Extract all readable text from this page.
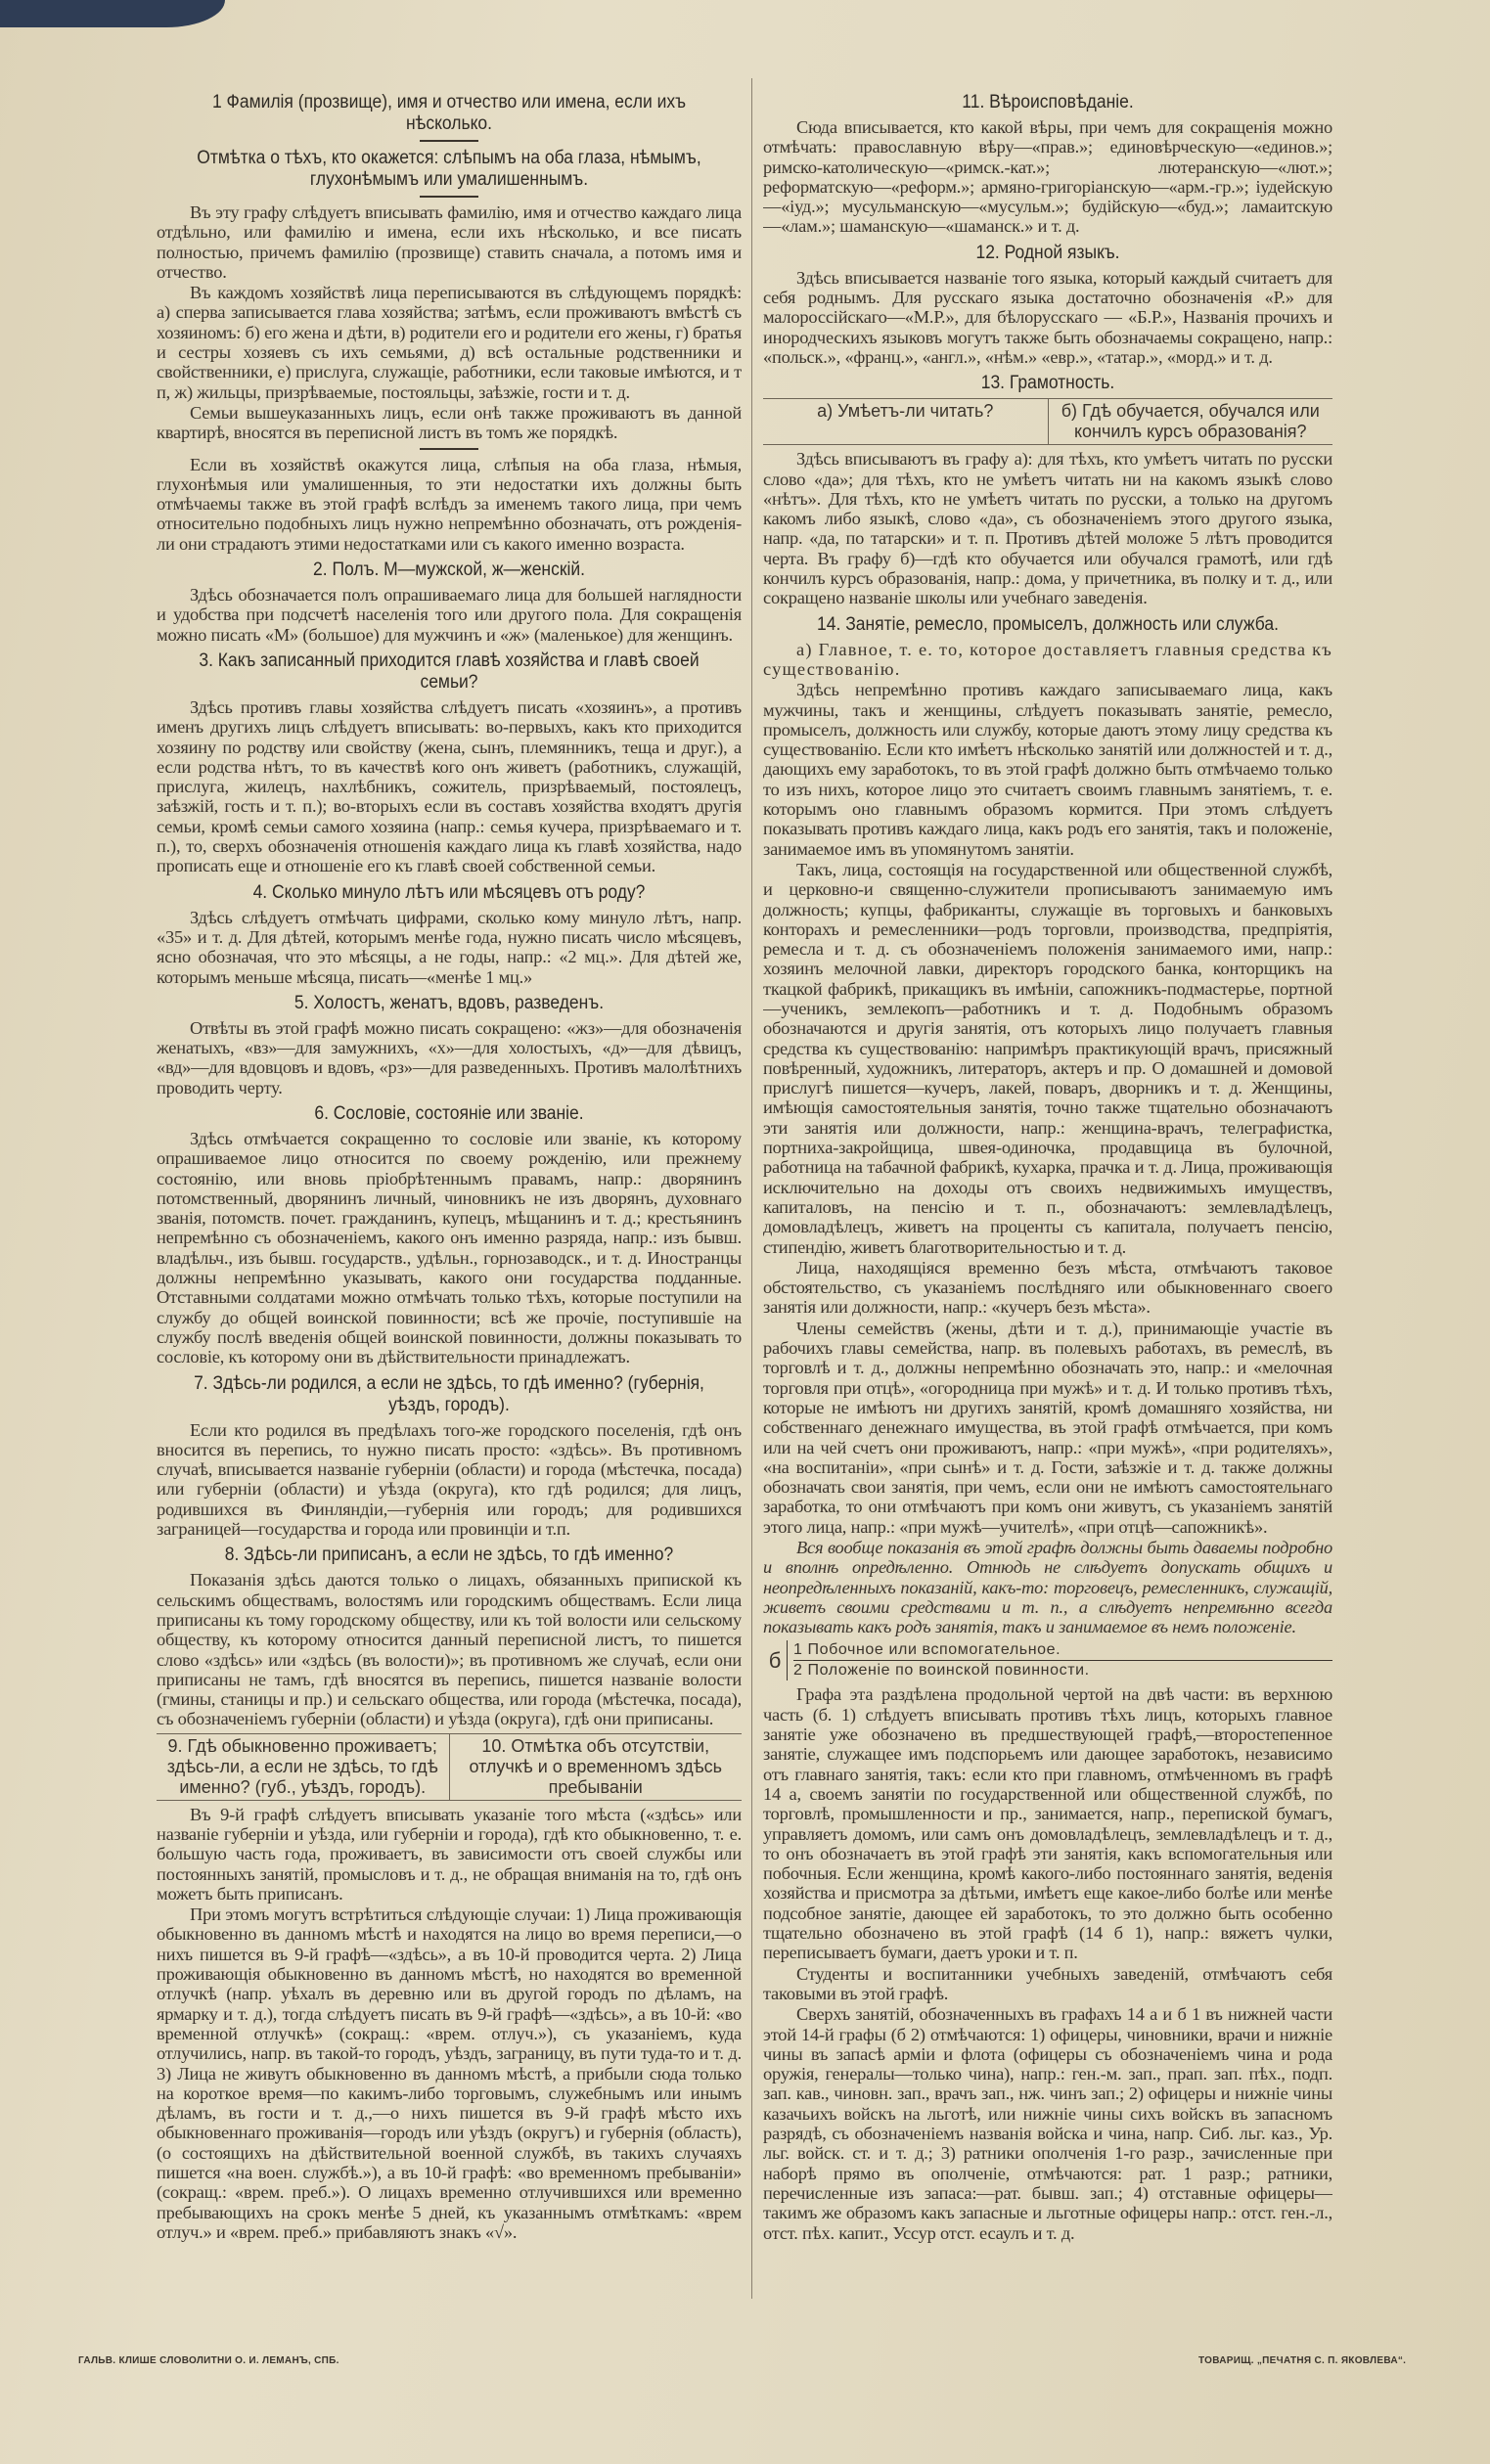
1 Фамилія (прозвище), имя и отчество или имена, если ихъ нѣсколько.
Отмѣтка о тѣхъ, кто окажется: слѣпымъ на оба глаза, нѣмымъ, глухонѣмымъ или умалишеннымъ.

Въ эту графу слѣдуетъ вписывать фамилію, имя и отчество каждаго лица отдѣльно, или фамилію и имена, если ихъ нѣсколько, и все писать полностью, причемъ фамилію (прозвище) ставить сначала, а потомъ имя и отчество.

Въ каждомъ хозяйствѣ лица переписываются въ слѣдующемъ порядкѣ: а) сперва записывается глава хозяйства; затѣмъ, если проживаютъ вмѣстѣ съ хозяиномъ: б) его жена и дѣти, в) родители его и родители его жены, г) братья и сестры хозяевъ съ ихъ семьями, д) всѣ остальные родственники и свойственники, е) прислуга, служащіе, работники, если таковые имѣются, и т п, ж) жильцы, призрѣваемые, постояльцы, заѣзжіе, гости и т. д.

Семьи вышеуказанныхъ лицъ, если онѣ также проживаютъ въ данной квартирѣ, вносятся въ переписной листъ въ томъ же порядкѣ.

Если въ хозяйствѣ окажутся лица, слѣпыя на оба глаза, нѣмыя, глухонѣмыя или умалишенныя, то эти недостатки ихъ должны быть отмѣчаемы также въ этой графѣ вслѣдъ за именемъ такого лица, при чемъ относительно подобныхъ лицъ нужно непремѣнно обозначать, отъ рожденія-ли они страдаютъ этими недостатками или съ какого именно возраста.

2. Полъ. М—мужской, ж—женскій.

Здѣсь обозначается полъ опрашиваемаго лица для большей наглядности и удобства при подсчетѣ населенія того или другого пола. Для сокращенія можно писать «М» (большое) для мужчинъ и «ж» (маленькое) для женщинъ.

3. Какъ записанный приходится главѣ хозяйства и главѣ своей семьи?

Здѣсь противъ главы хозяйства слѣдуетъ писать «хозяинъ», а противъ именъ другихъ лицъ слѣдуетъ вписывать: во-первыхъ, какъ кто приходится хозяину по родству или свойству (жена, сынъ, племянникъ, теща и друг.), а если родства нѣтъ, то въ качествѣ кого онъ живетъ (работникъ, служащій, прислуга, жилецъ, нахлѣбникъ, сожитель, призрѣваемый, постоялецъ, заѣзжій, гость и т. п.); во-вторыхъ если въ составъ хозяйства входятъ другія семьи, кромѣ семьи самого хозяина (напр.: семья кучера, призрѣваемаго и т. п.), то, сверхъ обозначенія отношенія каждаго лица къ главѣ хозяйства, надо прописать еще и отношеніе его къ главѣ своей собственной семьи.

4. Сколько минуло лѣтъ или мѣсяцевъ отъ роду?

Здѣсь слѣдуетъ отмѣчать цифрами, сколько кому минуло лѣтъ, напр. «35» и т. д. Для дѣтей, которымъ менѣе года, нужно писать число мѣсяцевъ, ясно обозначая, что это мѣсяцы, а не годы, напр.: «2 мц.». Для дѣтей же, которымъ меньше мѣсяца, писать—«менѣе 1 мц.»

5. Холостъ, женатъ, вдовъ, разведенъ.

Отвѣты въ этой графѣ можно писать сокращено: «жз»—для обозначенія женатыхъ, «вз»—для замужнихъ, «х»—для холостыхъ, «д»—для дѣвицъ, «вд»—для вдовцовъ и вдовъ, «рз»—для разведенныхъ. Противъ малолѣтнихъ проводить черту.

6. Сословіе, состояніе или званіе.

Здѣсь отмѣчается сокращенно то сословіе или званіе, къ которому опрашиваемое лицо относится по своему рожденію, или прежнему состоянію, или вновь пріобрѣтеннымъ правамъ, напр.: дворянинъ потомственный, дворянинъ личный, чиновникъ не изъ дворянъ, духовнаго званія, потомств. почет. гражданинъ, купецъ, мѣщанинъ и т. д.; крестьянинъ непремѣнно съ обозначеніемъ, какого онъ именно разряда, напр.: изъ бывш. владѣльч., изъ бывш. государств., удѣльн., горнозаводск., и т. д. Иностранцы должны непремѣнно указывать, какого они государства подданные. Отставными солдатами можно отмѣчать только тѣхъ, которые поступили на службу до общей воинской повинности; всѣ же прочіе, поступившіе на службу послѣ введенія общей воинской повинности, должны показывать то сословіе, къ которому они въ дѣйствительности принадлежатъ.

7. Здѣсь-ли родился, а если не здѣсь, то гдѣ именно? (губернія, уѣздъ, городъ).

Если кто родился въ предѣлахъ того-же городского поселенія, гдѣ онъ вносится въ перепись, то нужно писать просто: «здѣсь». Въ противномъ случаѣ, вписывается названіе губерніи (области) и города (мѣстечка, посада) или губерніи (области) и уѣзда (округа), кто гдѣ родился; для лицъ, родившихся въ Финляндіи,—губернія или городъ; для родившихся заграницей—государства и города или провинціи и т.п.

8. Здѣсь-ли приписанъ, а если не здѣсь, то гдѣ именно?

Показанія здѣсь даются только о лицахъ, обязанныхъ припиской къ сельскимъ обществамъ, волостямъ или городскимъ обществамъ. Если лица приписаны къ тому городскому обществу, или къ той волости или сельскому обществу, къ которому относится данный переписной листъ, то пишется слово «здѣсь» или «здѣсь (въ волости)»; въ противномъ же случаѣ, если они приписаны не тамъ, гдѣ вносятся въ перепись, пишется названіе волости (гмины, станицы и пр.) и сельскаго общества, или города (мѣстечка, посада), съ обозначеніемъ губерніи (области) и уѣзда (округа), гдѣ они приписаны.

9. Гдѣ обыкновенно проживаетъ; здѣсь-ли, а если не здѣсь, то гдѣ именно? (губ., уѣздъ, городъ).
10. Отмѣтка объ отсутствіи, отлучкѣ и о временномъ здѣсь пребываніи

Въ 9-й графѣ слѣдуетъ вписывать указаніе того мѣста («здѣсь» или названіе губерніи и уѣзда, или губерніи и города), гдѣ кто обыкновенно, т. е. большую часть года, проживаетъ, въ зависимости отъ своей службы или постоянныхъ занятій, промысловъ и т. д., не обращая вниманія на то, гдѣ онъ можетъ быть приписанъ.

При этомъ могутъ встрѣтиться слѣдующіе случаи: 1) Лица проживающія обыкновенно въ данномъ мѣстѣ и находятся на лицо во время переписи,—о нихъ пишется въ 9-й графѣ—«здѣсь», а въ 10-й проводится черта. 2) Лица проживающія обыкновенно въ данномъ мѣстѣ, но находятся во временной отлучкѣ (напр. уѣхалъ въ деревню или въ другой городъ по дѣламъ, на ярмарку и т. д.), тогда слѣдуетъ писать въ 9-й графѣ—«здѣсь», а въ 10-й: «во временной отлучкѣ» (сокращ.: «врем. отлуч.»), съ указаніемъ, куда отлучились, напр. въ такой-то городъ, уѣздъ, заграницу, въ пути туда-то и т. д. 3) Лица не живутъ обыкновенно въ данномъ мѣстѣ, а прибыли сюда только на короткое время—по какимъ-либо торговымъ, служебнымъ или инымъ дѣламъ, въ гости и т. д.,—о нихъ пишется въ 9-й графѣ мѣсто ихъ обыкновеннаго проживанія—городъ или уѣздъ (округъ) и губернія (область), (о состоящихъ на дѣйствительной военной службѣ, въ такихъ случаяхъ пишется «на воен. службѣ.»), а въ 10-й графѣ: «во временномъ пребываніи» (сокращ.: «врем. преб.»). О лицахъ временно отлучившихся или временно пребывающихъ на срокъ менѣе 5 дней, къ указаннымъ отмѣткамъ: «врем отлуч.» и «врем. преб.» прибавляютъ знакъ «√».

11. Вѣроисповѣданіе.

Сюда вписывается, кто какой вѣры, при чемъ для сокращенія можно отмѣчать: православную вѣру—«прав.»; единовѣрческую—«единов.»; римско-католическую—«римск.-кат.»; лютеранскую—«лют.»; реформатскую—«реформ.»; армяно-григоріанскую—«арм.-гр.»; іудейскую—«іуд.»; мусульманскую—«мусульм.»; будійскую—«буд.»; ламаитскую—«лам.»; шаманскую—«шаманск.» и т. д.

12. Родной языкъ.

Здѣсь вписывается названіе того языка, который каждый считаетъ для себя роднымъ. Для русскаго языка достаточно обозначенія «Р.» для малороссійскаго—«М.Р.», для бѣлорусскаго — «Б.Р.», Названія прочихъ и инородческихъ языковъ могутъ также быть обозначаемы сокращено, напр.: «польск.», «франц.», «англ.», «нѣм.» «евр.», «татар.», «морд.» и т. д.

13. Грамотность.
а) Умѣетъ-ли читать?	б) Гдѣ обучается, обучался или кончилъ курсъ образованія?

Здѣсь вписываютъ въ графу а): для тѣхъ, кто умѣетъ читать по русски слово «да»; для тѣхъ, кто не умѣетъ читать ни на какомъ языкѣ слово «нѣтъ». Для тѣхъ, кто не умѣетъ читать по русски, а только на другомъ какомъ либо языкѣ, слово «да», съ обозначеніемъ этого другого языка, напр. «да, по татарски» и т. п. Противъ дѣтей моложе 5 лѣтъ проводится черта. Въ графу б)—гдѣ кто обучается или обучался грамотѣ, или гдѣ кончилъ курсъ образованія, напр.: дома, у причетника, въ полку и т. д., или сокращено названіе школы или учебнаго заведенія.

14. Занятіе, ремесло, промыселъ, должность или служба.

а) Главное, т. е. то, которое доставляетъ главныя средства къ существованію.

Здѣсь непремѣнно противъ каждаго записываемаго лица, какъ мужчины, такъ и женщины, слѣдуетъ показывать занятіе, ремесло, промыселъ, должность или службу, которые даютъ этому лицу средства къ существованію. Если кто имѣетъ нѣсколько занятій или должностей и т. д., дающихъ ему заработокъ, то въ этой графѣ должно быть отмѣчаемо только то изъ нихъ, которое лицо это считаетъ своимъ главнымъ занятіемъ, т. е. которымъ оно главнымъ образомъ кормится. При этомъ слѣдуетъ показывать противъ каждаго лица, какъ родъ его занятія, такъ и положеніе, занимаемое имъ въ упомянутомъ занятіи.

Такъ, лица, состоящія на государственной или общественной службѣ, и церковно-и священно-служители прописываютъ занимаемую имъ должность; купцы, фабриканты, служащіе въ торговыхъ и банковыхъ конторахъ и ремесленники—родъ торговли, производства, предпріятія, ремесла и т. д. съ обозначеніемъ положенія занимаемого ими, напр.: хозяинъ мелочной лавки, директоръ городского банка, конторщикъ на ткацкой фабрикѣ, прикащикъ въ имѣніи, сапожникъ-подмастерье, портной—ученикъ, землекопъ—работникъ и т. д. Подобнымъ образомъ обозначаются и другія занятія, отъ которыхъ лицо получаетъ главныя средства къ существованію: напримѣръ практикующій врачъ, присяжный повѣренный, художникъ, литераторъ, актеръ и пр. О домашней и домовой прислугѣ пишется—кучеръ, лакей, поваръ, дворникъ и т. д. Женщины, имѣющія самостоятельныя занятія, точно также тщательно обозначаютъ эти занятія или должности, напр.: женщина-врачъ, телеграфистка, портниха-закройщица, швея-одиночка, продавщица въ булочной, работница на табачной фабрикѣ, кухарка, прачка и т. д. Лица, проживающія исключительно на доходы отъ своихъ недвижимыхъ имуществъ, капиталовъ, на пенсію и т. п., обозначаютъ: землевладѣлецъ, домовладѣлецъ, живетъ на проценты съ капитала, получаетъ пенсію, стипендію, живетъ благотворительностью и т. д.

Лица, находящіяся временно безъ мѣста, отмѣчаютъ таковое обстоятельство, съ указаніемъ послѣдняго или обыкновеннаго своего занятія или должности, напр.: «кучеръ безъ мѣста».

Члены семействъ (жены, дѣти и т. д.), принимающіе участіе въ рабочихъ главы семейства, напр. въ полевыхъ работахъ, въ ремеслѣ, въ торговлѣ и т. д., должны непремѣнно обозначать это, напр.: и «мелочная торговля при отцѣ», «огородница при мужѣ» и т. д. И только противъ тѣхъ, которые не имѣютъ ни другихъ занятій, кромѣ домашняго хозяйства, ни собственнаго денежнаго имущества, въ этой графѣ отмѣчается, при комъ или на чей счетъ они проживаютъ, напр.: «при мужѣ», «при родителяхъ», «на воспитаніи», «при сынѣ» и т. д. Гости, заѣзжіе и т. д. также должны обозначать свои занятія, при чемъ, если они не имѣютъ самостоятельнаго заработка, то они отмѣчаютъ при комъ они живутъ, съ указаніемъ занятій этого лица, напр.: «при мужѣ—учителѣ», «при отцѣ—сапожникѣ».

Вся вообще показанія въ этой графѣ должны быть даваемы подробно и вполнѣ опредѣленно. Отнюдь не слѣдуетъ допускать общихъ и неопредѣленныхъ показаній, какъ-то: торговецъ, ремесленникъ, служащій, живетъ своими средствами и т. п., а слѣдуетъ непремѣнно всегда показывать какъ родъ занятія, такъ и занимаемое въ немъ положеніе.

б 1 Побочное или вспомогательное.
2 Положеніе по воинской повинности.

Графа эта раздѣлена продольной чертой на двѣ части: въ верхнюю часть (б. 1) слѣдуетъ вписывать противъ тѣхъ лицъ, которыхъ главное занятіе уже обозначено въ предшествующей графѣ,—второстепенное занятіе, служащее имъ подспорьемъ или дающее заработокъ, независимо отъ главнаго занятія, такъ: если кто при главномъ, отмѣченномъ въ графѣ 14 а, своемъ занятіи по государственной или общественной службѣ, по торговлѣ, промышленности и пр., занимается, напр., перепиской бумагъ, управляетъ домомъ, или самъ онъ домовладѣлецъ, землевладѣлецъ и т. д., то онъ обозначаетъ въ этой графѣ эти занятія, какъ вспомогательныя или побочныя. Если женщина, кромѣ какого-либо постояннаго занятія, веденія хозяйства и присмотра за дѣтьми, имѣетъ еще какое-либо болѣе или менѣе подсобное занятіе, дающее ей заработокъ, то это должно быть особенно тщательно обозначено въ этой графѣ (14 б 1), напр.: вяжетъ чулки, переписываетъ бумаги, даетъ уроки и т. п.

Студенты и воспитанники учебныхъ заведеній, отмѣчаютъ себя таковыми въ этой графѣ.

Сверхъ занятій, обозначенныхъ въ графахъ 14 а и б 1 въ нижней части этой 14-й графы (б 2) отмѣчаются: 1) офицеры, чиновники, врачи и нижніе чины въ запасѣ арміи и флота (офицеры съ обозначеніемъ чина и рода оружія, генералы—только чина), напр.: ген.-м. зап., прап. зап. пѣх., подп. зап. кав., чиновн. зап., врачъ зап., нж. чинъ зап.; 2) офицеры и нижніе чины казачьихъ войскъ на льготѣ, или нижніе чины сихъ войскъ въ запасномъ разрядѣ, съ обозначеніемъ названія войска и чина, напр. Сиб. льг. каз., Ур. льг. войск. ст. и т. д.; 3) ратники ополченія 1-го разр., зачисленные при наборѣ прямо въ ополченіе, отмѣчаются: рат. 1 разр.; ратники, перечисленные изъ запаса:—рат. бывш. зап.; 4) отставные офицеры—такимъ же образомъ какъ запасные и льготные офицеры напр.: отст. ген.-л., отст. пѣх. капит., Уссур отст. есаулъ и т. д.

ГАЛЬВ. КЛИШЕ СЛОВОЛИТНИ О. И. ЛЕМАНЪ, СПБ.	ТОВАРИЩ. „ПЕЧАТНЯ С. П. ЯКОВЛЕВА“.
